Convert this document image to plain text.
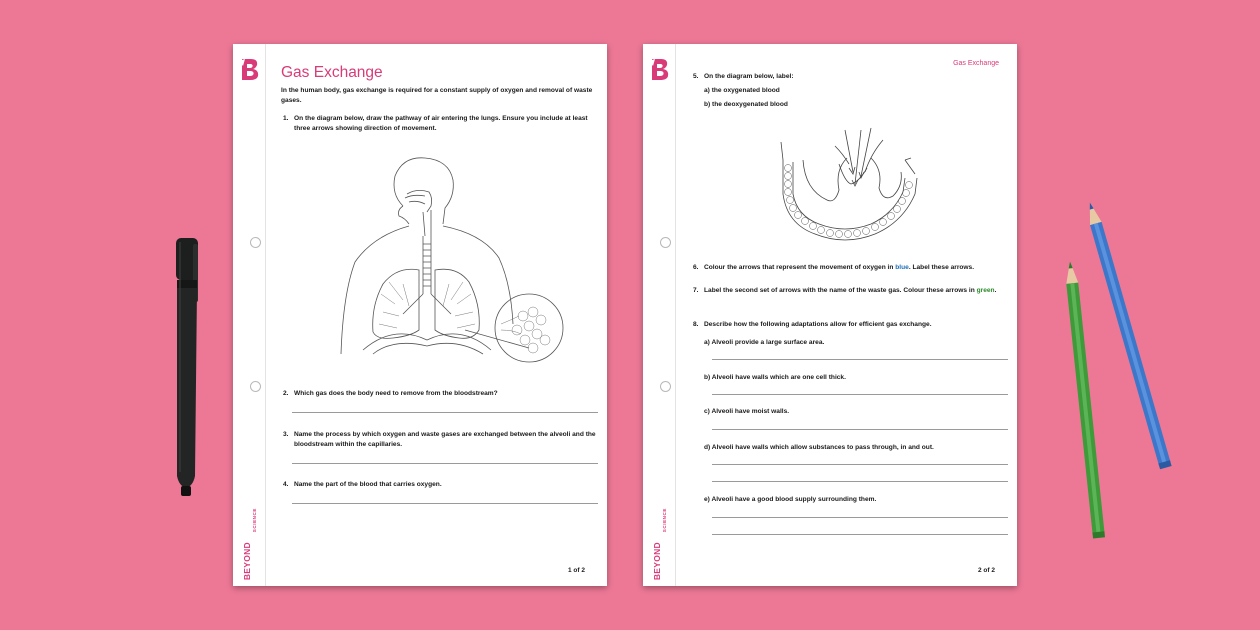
BEYOND
SCIENCE
Gas Exchange
In the human body, gas exchange is required for a constant supply of oxygen and removal of waste gases.
1. On the diagram below, draw the pathway of air entering the lungs. Ensure you include at least three arrows showing direction of movement.
2. Which gas does the body need to remove from the bloodstream?
3. Name the process by which oxygen and waste gases are exchanged between the alveoli and the bloodstream within the capillaries.
4. Name the part of the blood that carries oxygen.
1 of 2	BEYOND
SCIENCE
Gas Exchange
5. On the diagram below, label:
a) the oxygenated blood
b) the deoxygenated blood
6. Colour the arrows that represent the movement of oxygen in blue. Label these arrows.
7. Label the second set of arrows with the name of the waste gas. Colour these arrows in green.
8. Describe how the following adaptations allow for efficient gas exchange.
a) Alveoli provide a large surface area.
b) Alveoli have walls which are one cell thick.
c) Alveoli have moist walls.
d) Alveoli have walls which allow substances to pass through, in and out.
e) Alveoli have a good blood supply surrounding them.
2 of 2
